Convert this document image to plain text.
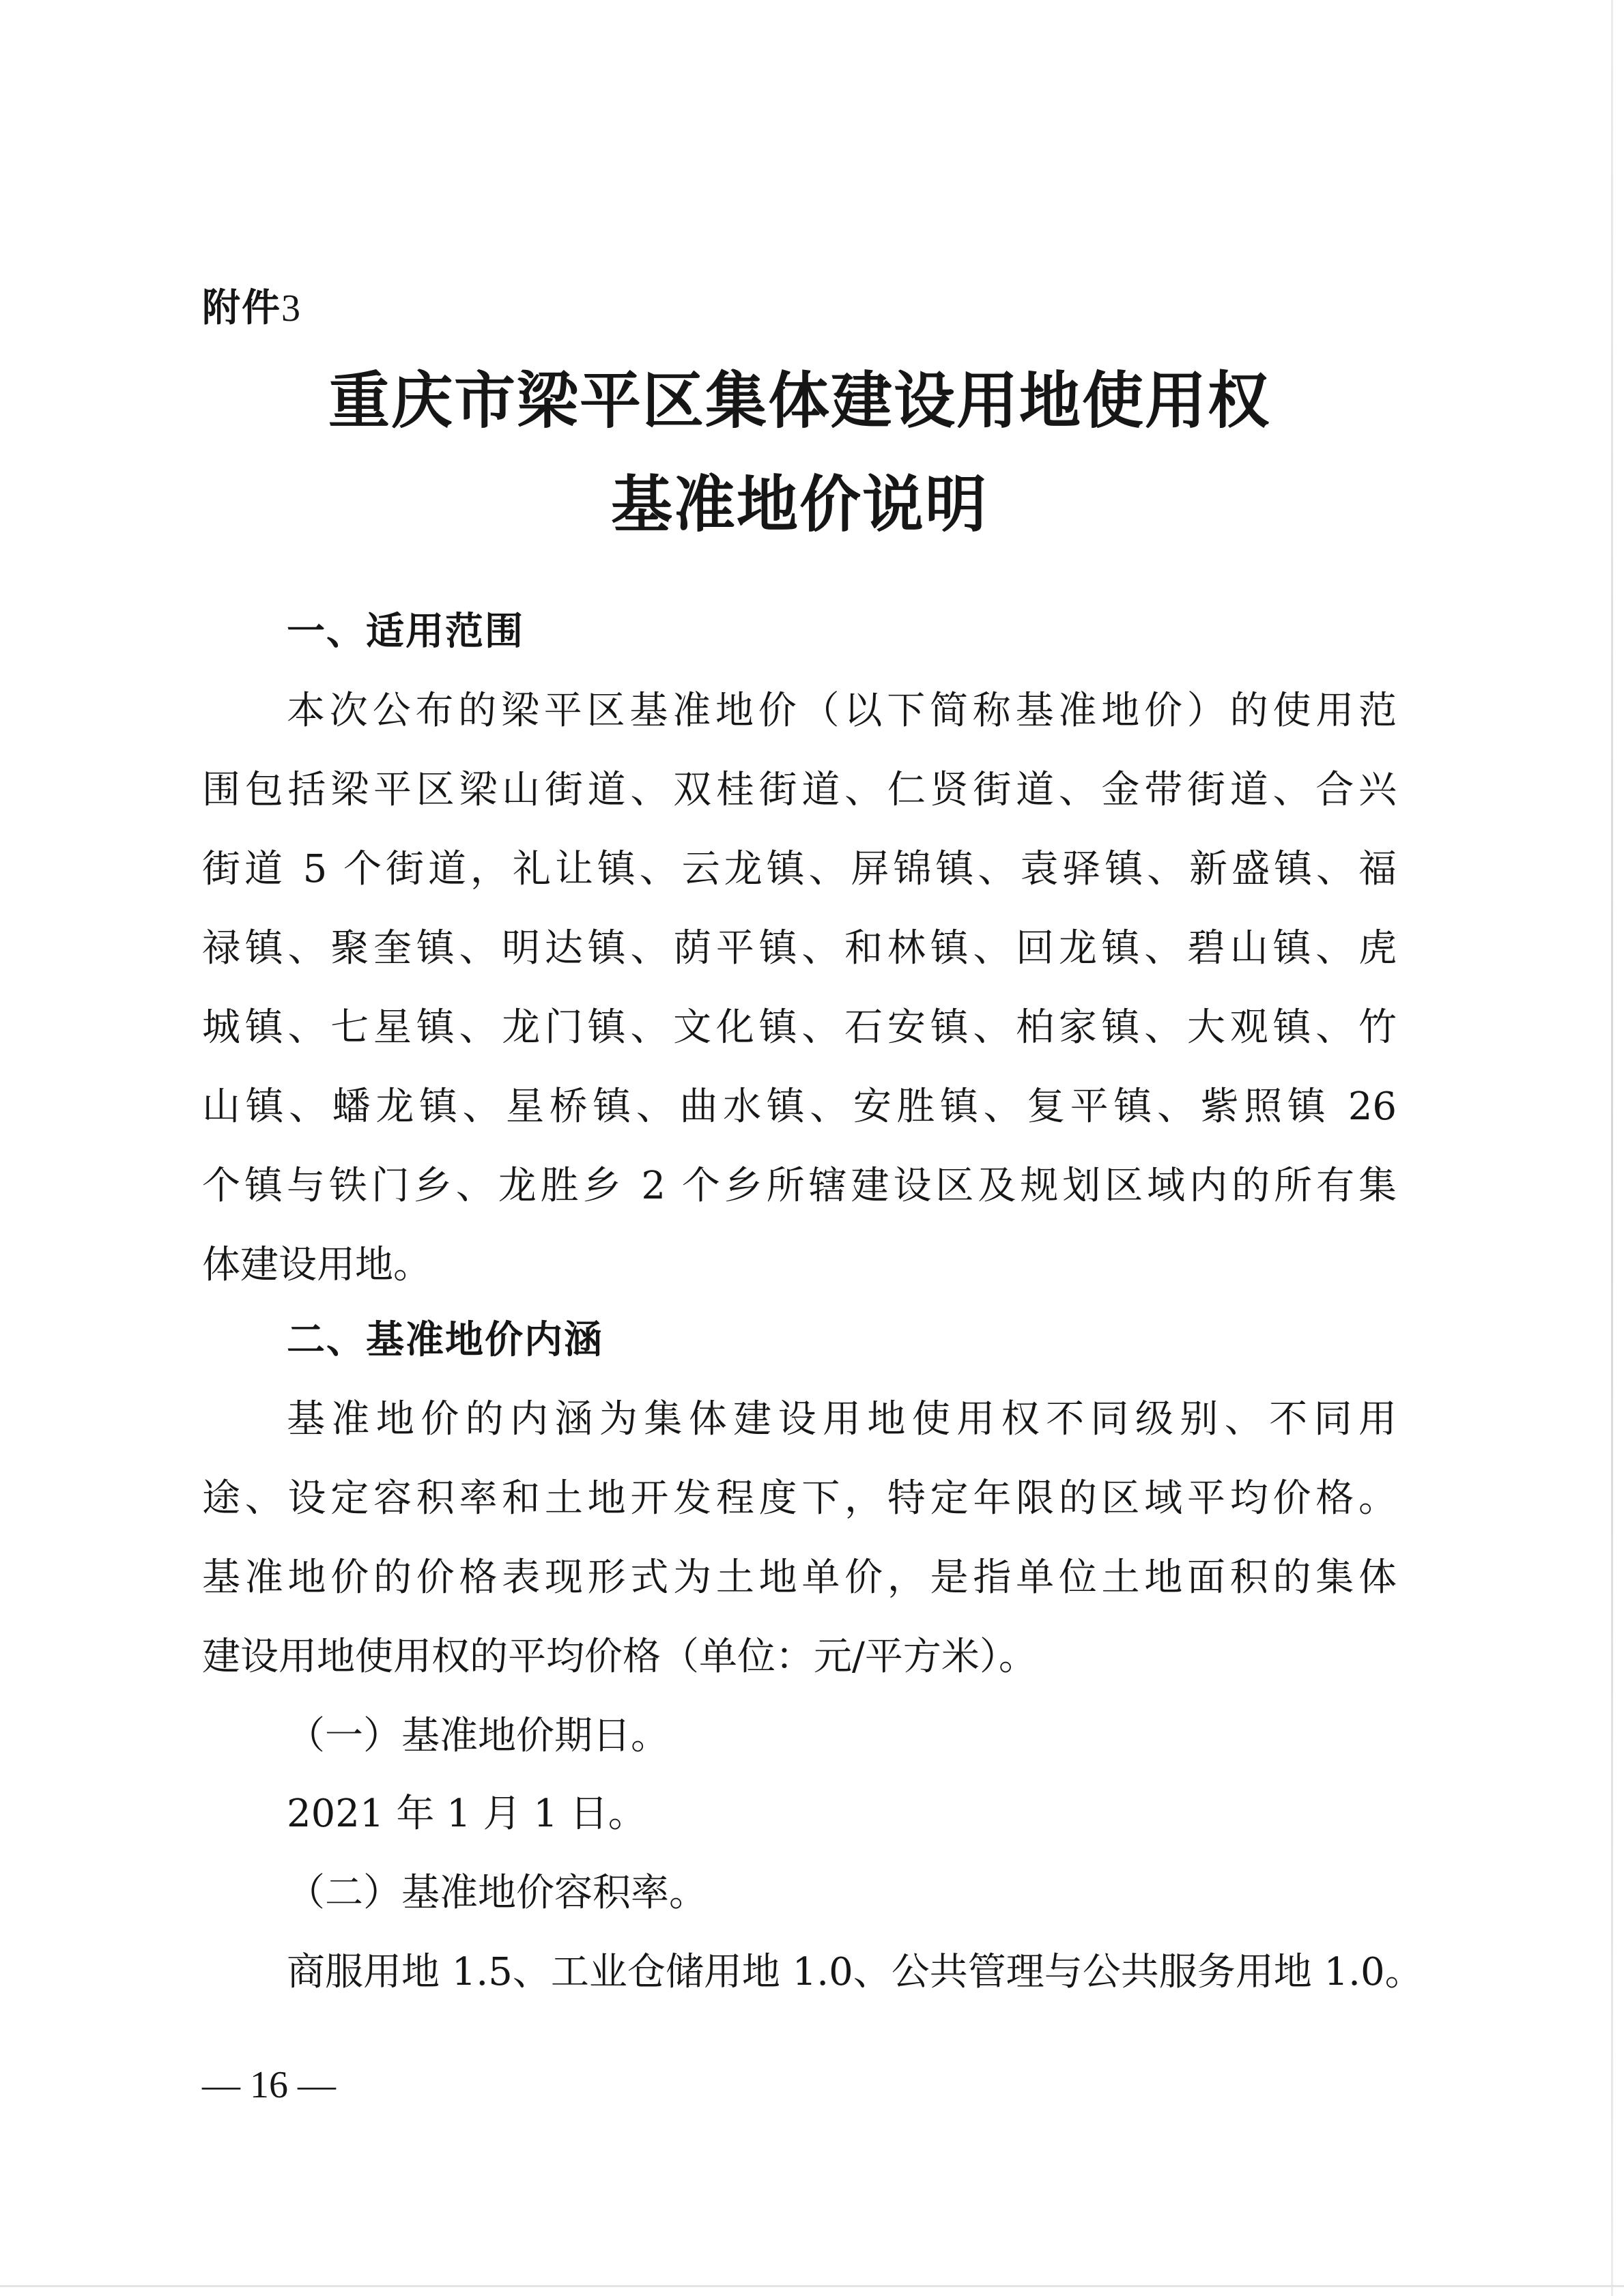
附件3
重庆市梁平区集体建设用地使用权
基准地价说明
一、适用范围
本次公布的梁平区基准地价（以下简称基准地价）的使用范
围包括梁平区梁山街道、双桂街道、仁贤街道、金带街道、合兴
街道 5 个街道，礼让镇、云龙镇、屏锦镇、袁驿镇、新盛镇、福
禄镇、聚奎镇、明达镇、荫平镇、和林镇、回龙镇、碧山镇、虎
城镇、七星镇、龙门镇、文化镇、石安镇、柏家镇、大观镇、竹
山镇、蟠龙镇、星桥镇、曲水镇、安胜镇、复平镇、紫照镇 26
个镇与铁门乡、龙胜乡 2 个乡所辖建设区及规划区域内的所有集
体建设用地。
二、基准地价内涵
基准地价的内涵为集体建设用地使用权不同级别、不同用
途、设定容积率和土地开发程度下，特定年限的区域平均价格。
基准地价的价格表现形式为土地单价，是指单位土地面积的集体
建设用地使用权的平均价格（单位：元/平方米）。
（一）基准地价期日。
2021 年 1 月 1 日。
（二）基准地价容积率。
商服用地 1.5、工业仓储用地 1.0、公共管理与公共服务用地 1.0。
— 16 —
